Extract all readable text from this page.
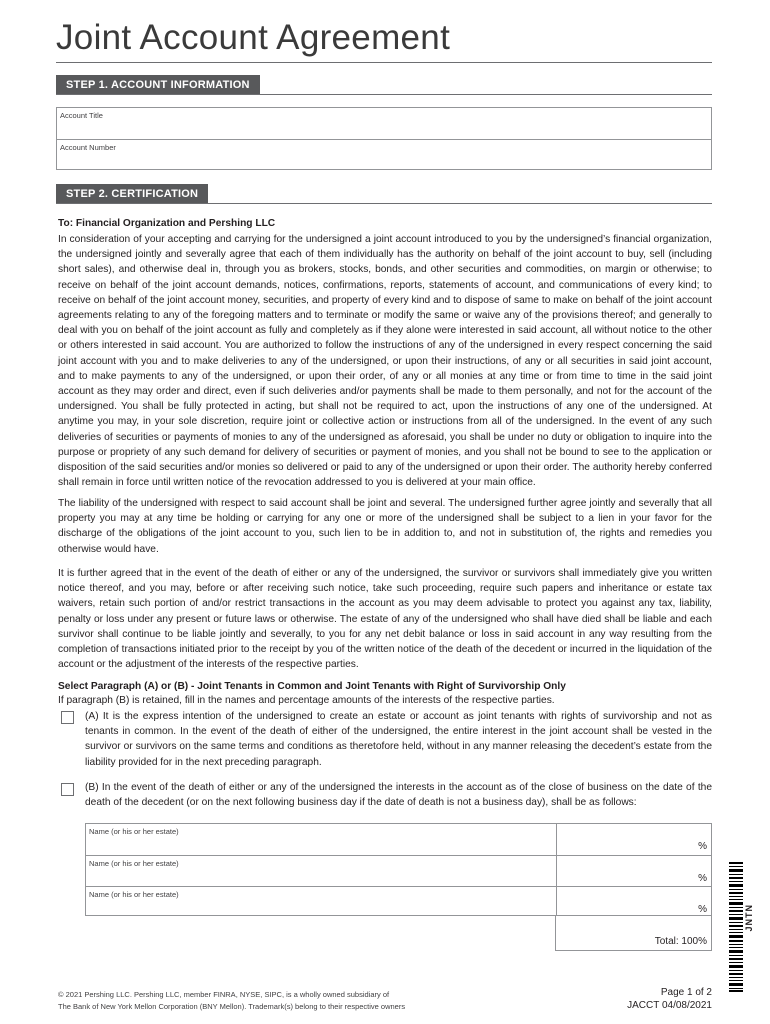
Joint Account Agreement
STEP 1. ACCOUNT INFORMATION
Account Title
Account Number
STEP 2. CERTIFICATION
To: Financial Organization and Pershing LLC
In consideration of your accepting and carrying for the undersigned a joint account introduced to you by the undersigned’s financial organization, the undersigned jointly and severally agree that each of them individually has the authority on behalf of the joint account to buy, sell (including short sales), and otherwise deal in, through you as brokers, stocks, bonds, and other securities and commodities, on margin or otherwise; to receive on behalf of the joint account demands, notices, confirmations, reports, statements of account, and communications of every kind; to receive on behalf of the joint account money, securities, and property of every kind and to dispose of same to make on behalf of the joint account agreements relating to any of the foregoing matters and to terminate or modify the same or waive any of the provisions thereof; and generally to deal with you on behalf of the joint account as fully and completely as if they alone were interested in said account, all without notice to the other or others interested in said account. You are authorized to follow the instructions of any of the undersigned in every respect concerning the said joint account with you and to make deliveries to any of the undersigned, or upon their instructions, of any or all securities in said joint account, and to make payments to any of the undersigned, or upon their order, of any or all monies at any time or from time to time in the said joint account as they may order and direct, even if such deliveries and/or payments shall be made to them personally, and not for the account of the undersigned. You shall be fully protected in acting, but shall not be required to act, upon the instructions of any one of the undersigned. At anytime you may, in your sole discretion, require joint or collective action or instructions from all of the undersigned. In the event of any such deliveries of securities or payments of monies to any of the undersigned as aforesaid, you shall be under no duty or obligation to inquire into the purpose or propriety of any such demand for delivery of securities or payment of monies, and you shall not be bound to see to the application or disposition of the said securities and/or monies so delivered or paid to any of the undersigned or upon their order. The authority hereby conferred shall remain in force until written notice of the revocation addressed to you is delivered at your main office.
The liability of the undersigned with respect to said account shall be joint and several. The undersigned further agree jointly and severally that all property you may at any time be holding or carrying for any one or more of the undersigned shall be subject to a lien in your favor for the discharge of the obligations of the joint account to you, such lien to be in addition to, and not in substitution of, the rights and remedies you otherwise would have.
It is further agreed that in the event of the death of either or any of the undersigned, the survivor or survivors shall immediately give you written notice thereof, and you may, before or after receiving such notice, take such proceeding, require such papers and inheritance or estate tax waivers, retain such portion of and/or restrict transactions in the account as you may deem advisable to protect you against any tax, liability, penalty or loss under any present or future laws or otherwise. The estate of any of the undersigned who shall have died shall be liable and each survivor shall continue to be liable jointly and severally, to you for any net debit balance or loss in said account in any way resulting from the completion of transactions initiated prior to the receipt by you of the written notice of the death of the decedent or incurred in the liquidation of the account or the adjustment of the interests of the respective parties.
Select Paragraph (A) or (B) - Joint Tenants in Common and Joint Tenants with Right of Survivorship Only
If paragraph (B) is retained, fill in the names and percentage amounts of the interests of the respective parties.
(A) It is the express intention of the undersigned to create an estate or account as joint tenants with rights of survivorship and not as tenants in common. In the event of the death of either of the undersigned, the entire interest in the joint account shall be vested in the survivor or survivors on the same terms and conditions as theretofore held, without in any manner releasing the decedent’s estate from the liability provided for in the next preceding paragraph.
(B) In the event of the death of either or any of the undersigned the interests in the account as of the close of business on the date of the death of the decedent (or on the next following business day if the date of death is not a business day), shall be as follows:
Name (or his or her estate)
%
Name (or his or her estate)
%
Name (or his or her estate)
%
Total: 100%
JNTN
© 2021 Pershing LLC. Pershing LLC, member FINRA, NYSE, SIPC, is a wholly owned subsidiary of
The Bank of New York Mellon Corporation (BNY Mellon). Trademark(s) belong to their respective owners
Page 1 of 2
JACCT 04/08/2021
